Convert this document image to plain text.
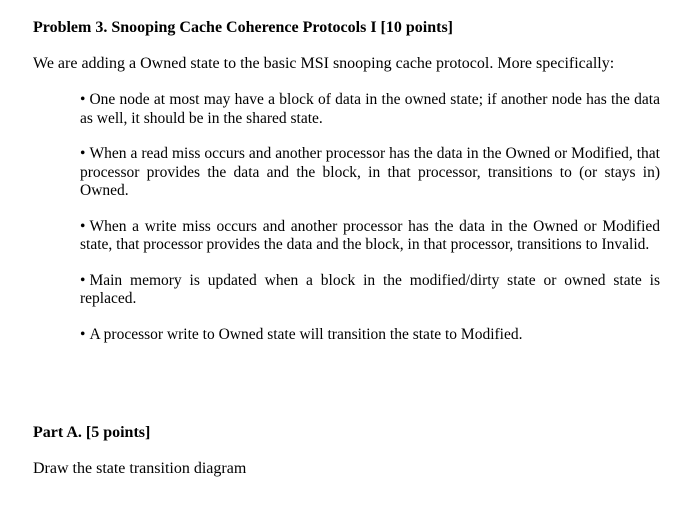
Problem 3. Snooping Cache Coherence Protocols I [10 points]

We are adding a Owned state to the basic MSI snooping cache protocol. More specifically:

• One node at most may have a block of data in the owned state; if another node has the data as well, it should be in the shared state.
• When a read miss occurs and another processor has the data in the Owned or Modified, that processor provides the data and the block, in that processor, transitions to (or stays in) Owned.
• When a write miss occurs and another processor has the data in the Owned or Modified state, that processor provides the data and the block, in that processor, transitions to Invalid.
• Main memory is updated when a block in the modified/dirty state or owned state is replaced.
• A processor write to Owned state will transition the state to Modified.
Part A. [5 points]

Draw the state transition diagram
